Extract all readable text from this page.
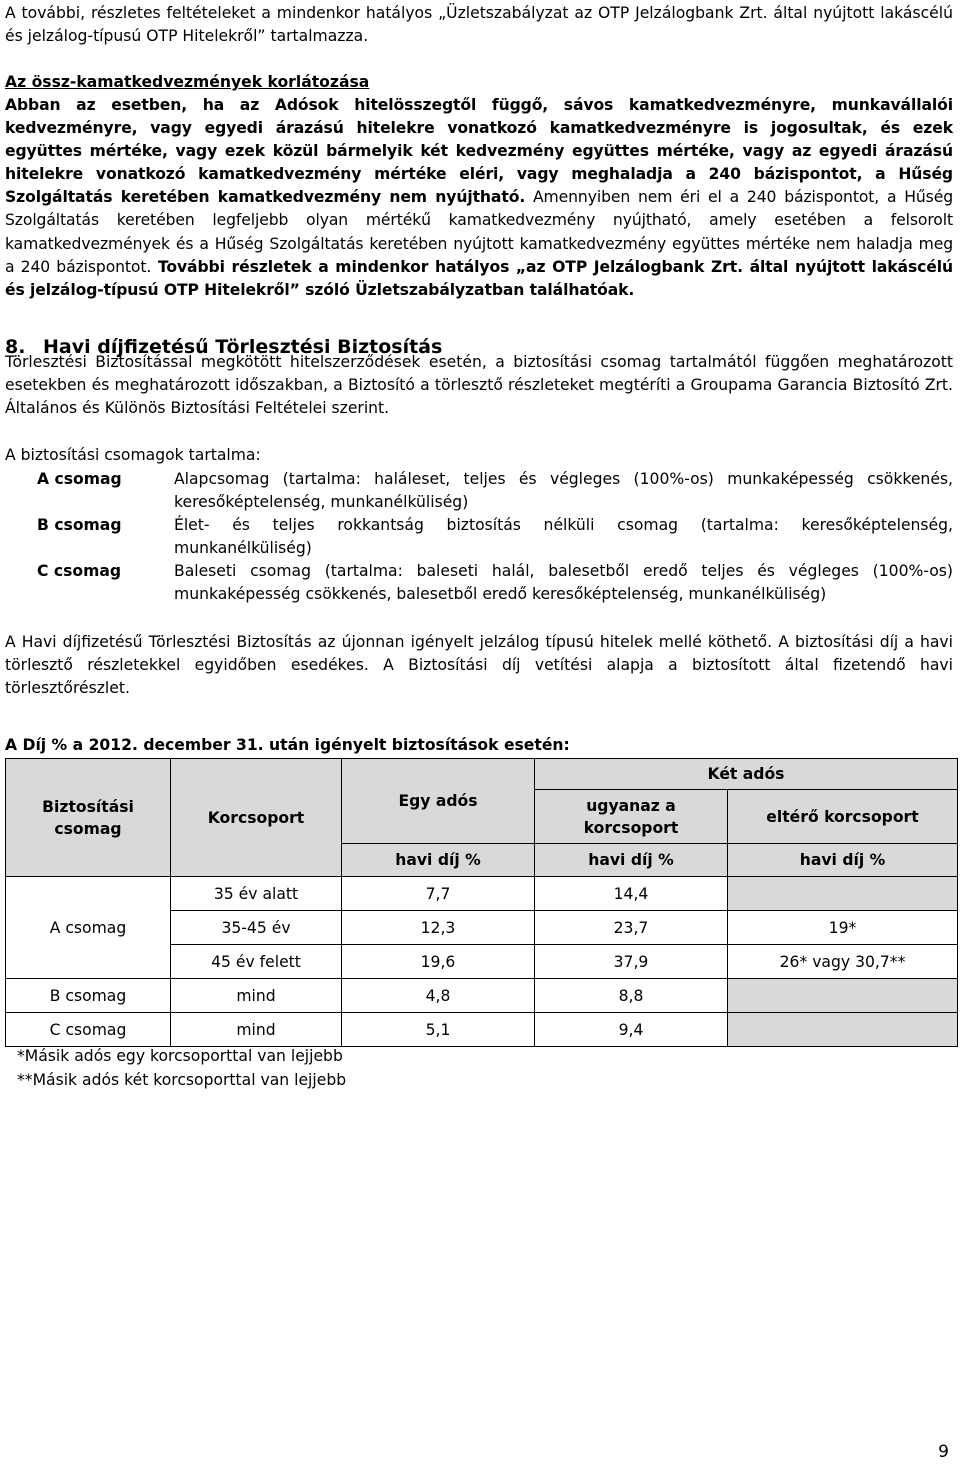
A további, részletes feltételeket a mindenkor hatályos „Üzletszabályzat az OTP Jelzálogbank Zrt. által nyújtott lakáscélú és jelzálog-típusú OTP Hitelekről” tartalmazza.

Az össz-kamatkedvezmények korlátozása

Abban az esetben, ha az Adósok hitelösszegtől függő, sávos kamatkedvezményre, munkavállalói kedvezményre, vagy egyedi árazású hitelekre vonatkozó kamatkedvezményre is jogosultak, és ezek együttes mértéke, vagy ezek közül bármelyik két kedvezmény együttes mértéke, vagy az egyedi árazású hitelekre vonatkozó kamatkedvezmény mértéke eléri, vagy meghaladja a 240 bázispontot, a Hűség Szolgáltatás keretében kamatkedvezmény nem nyújtható. Amennyiben nem éri el a 240 bázispontot, a Hűség Szolgáltatás keretében legfeljebb olyan mértékű kamatkedvezmény nyújtható, amely esetében a felsorolt kamatkedvezmények és a Hűség Szolgáltatás keretében nyújtott kamatkedvezmény együttes mértéke nem haladja meg a 240 bázispontot. További részletek a mindenkor hatályos „az OTP Jelzálogbank Zrt. által nyújtott lakáscélú és jelzálog-típusú OTP Hitelekről” szóló Üzletszabályzatban találhatóak.

8. Havi díjfizetésű Törlesztési Biztosítás

Törlesztési Biztosítással megkötött hitelszerződések esetén, a biztosítási csomag tartalmától függően meghatározott esetekben és meghatározott időszakban, a Biztosító a törlesztő részleteket megtéríti a Groupama Garancia Biztosító Zrt. Általános és Különös Biztosítási Feltételei szerint.

A biztosítási csomagok tartalma:

A csomag	Alapcsomag (tartalma: haláleset, teljes és végleges (100%-os) munkaképesség csökkenés, keresőképtelenség, munkanélküliség)
B csomag	Élet- és teljes rokkantság biztosítás nélküli csomag (tartalma: keresőképtelenség, munkanélküliség)
C csomag	Baleseti csomag (tartalma: baleseti halál, balesetből eredő teljes és végleges (100%-os) munkaképesség csökkenés, balesetből eredő keresőképtelenség, munkanélküliség)

A Havi díjfizetésű Törlesztési Biztosítás az újonnan igényelt jelzálog típusú hitelek mellé köthető. A biztosítási díj a havi törlesztő részletekkel egyidőben esedékes. A Biztosítási díj vetítési alapja a biztosított által fizetendő havi törlesztőrészlet.

A Díj % a 2012. december 31. után igényelt biztosítások esetén:

Biztosítási csomag	Korcsoport	Egy adós	Két adós	
			ugyanaz a korcsoport	eltérő korcsoport
		havi díj %	havi díj %	havi díj %
A csomag	35 év alatt	7,7	14,4	
	35-45 év	12,3	23,7	19*
	45 év felett	19,6	37,9	26* vagy 30,7**
B csomag	mind	4,8	8,8	
C csomag	mind	5,1	9,4	
*Másik adós egy korcsoporttal van lejjebb
**Másik adós két korcsoporttal van lejjebb
9
